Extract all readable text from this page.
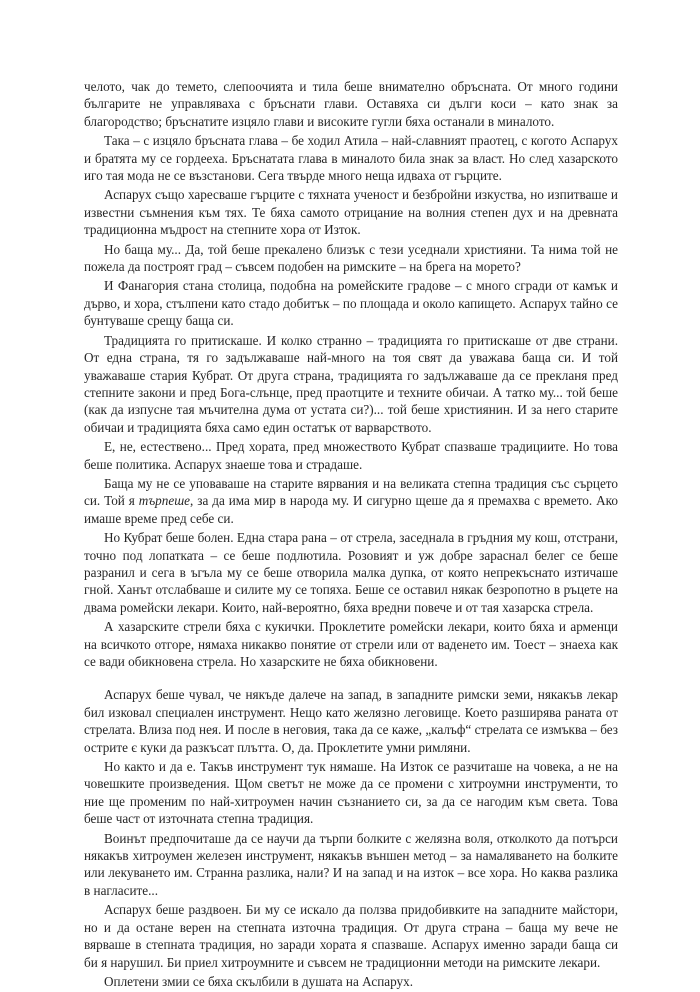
челото, чак до темето, слепоочията и тила беше внимателно обръсната. От много години българите не управляваха с бръснати глави. Оставяха си дълги коси – като знак за благородство; бръснатите изцяло глави и високите гугли бяха останали в миналото.

Така – с изцяло бръсната глава – бе ходил Атила – най-славният праотец, с когото Аспарух и братята му се гордееха. Бръснатата глава в миналото била знак за власт. Но след хазарското иго тая мода не се възстанови. Сега твърде много неща идваха от гърците.

Аспарух също харесваше гърците с тяхната ученост и безбройни изкуства, но изпитваше и известни съмнения към тях. Те бяха самото отрицание на волния степен дух и на древната традиционна мъдрост на степните хора от Изток.

Но баща му... Да, той беше прекалено близък с тези уседнали християни. Та нима той не пожела да построят град – съвсем подобен на римските – на брега на морето?

И Фанагория стана столица, подобна на ромейските градове – с много сгради от камък и дърво, и хора, стълпени като стадо добитък – по площада и около капището. Аспарух тайно се бунтуваше срещу баща си.

Традицията го притискаше. И колко странно – традицията го притискаше от две страни. От една страна, тя го задължаваше най-много на тоя свят да уважава баща си. И той уважаваше стария Кубрат. От друга страна, традицията го задължаваше да се прекланя пред степните закони и пред Бога-слънце, пред праотците и техните обичаи. А татко му... той беше (как да изпусне тая мъчителна дума от устата си?)... той беше християнин. И за него старите обичаи и традицията бяха само един остатък от варварството.

Е, не, естествено... Пред хората, пред множеството Кубрат спазваше традициите. Но това беше политика. Аспарух знаеше това и страдаше.

Баща му не се уповаваше на старите вярвания и на великата степна традиция със сърцето си. Той я търпеше, за да има мир в народа му. И сигурно щеше да я премахва с времето. Ако имаше време пред себе си.

Но Кубрат беше болен. Една стара рана – от стрела, заседнала в гръдния му кош, отстрани, точно под лопатката – се беше подлютила. Розовият и уж добре зараснал белег се беше разранил и сега в ъгъла му се беше отворила малка дупка, от която непрекъснато изтичаше гной. Ханът отслабваше и силите му се топяха. Беше се оставил някак безропотно в ръцете на двама ромейски лекари. Които, най-вероятно, бяха вредни повече и от тая хазарска стрела.

А хазарските стрели бяха с кукички. Проклетите ромейски лекари, които бяха и арменци на всичкото отгоре, нямаха никакво понятие от стрели или от вадeнето им. Тоест – знаеха как се вади обикновена стрела. Но хазарските не бяха обикновени.

Аспарух беше чувал, че някъде далече на запад, в западните римски земи, някакъв лекар бил изковал специален инструмент. Нещо като желязно леговище. Което разширява раната от стрелата. Влиза под нея. И после в неговия, така да се каже, „калъф“ стрелата се измъква – без острите є куки да разкъсат плътта. О, да. Проклетите умни римляни.

Но както и да е. Такъв инструмент тук нямаше. На Изток се разчиташе на човека, а не на човешките произведения. Щом светът не може да се промени с хитроумни инструменти, то ние ще променим по най-хитроумен начин съзнанието си, за да се нагодим към света. Това беше част от източната степна традиция.

Воинът предпочиташе да се научи да търпи болките с желязна воля, отколкото да потърси някакъв хитроумен железен инструмент, някакъв външен метод – за намаляването на болките или лекуването им. Странна разлика, нали? И на запад и на изток – все хора. Но каква разлика в нагласите...

Аспарух беше раздвоен. Би му се искало да ползва придобивките на западните майстори, но и да остане верен на степната източна традиция. От друга страна – баща му вече не вярваше в степната традиция, но заради хората я спазваше. Аспарух именно заради баща си би я нарушил. Би приел хитроумните и съвсем не традиционни методи на римските лекари.

Оплетени змии се бяха скълбили в душата на Аспарух.
